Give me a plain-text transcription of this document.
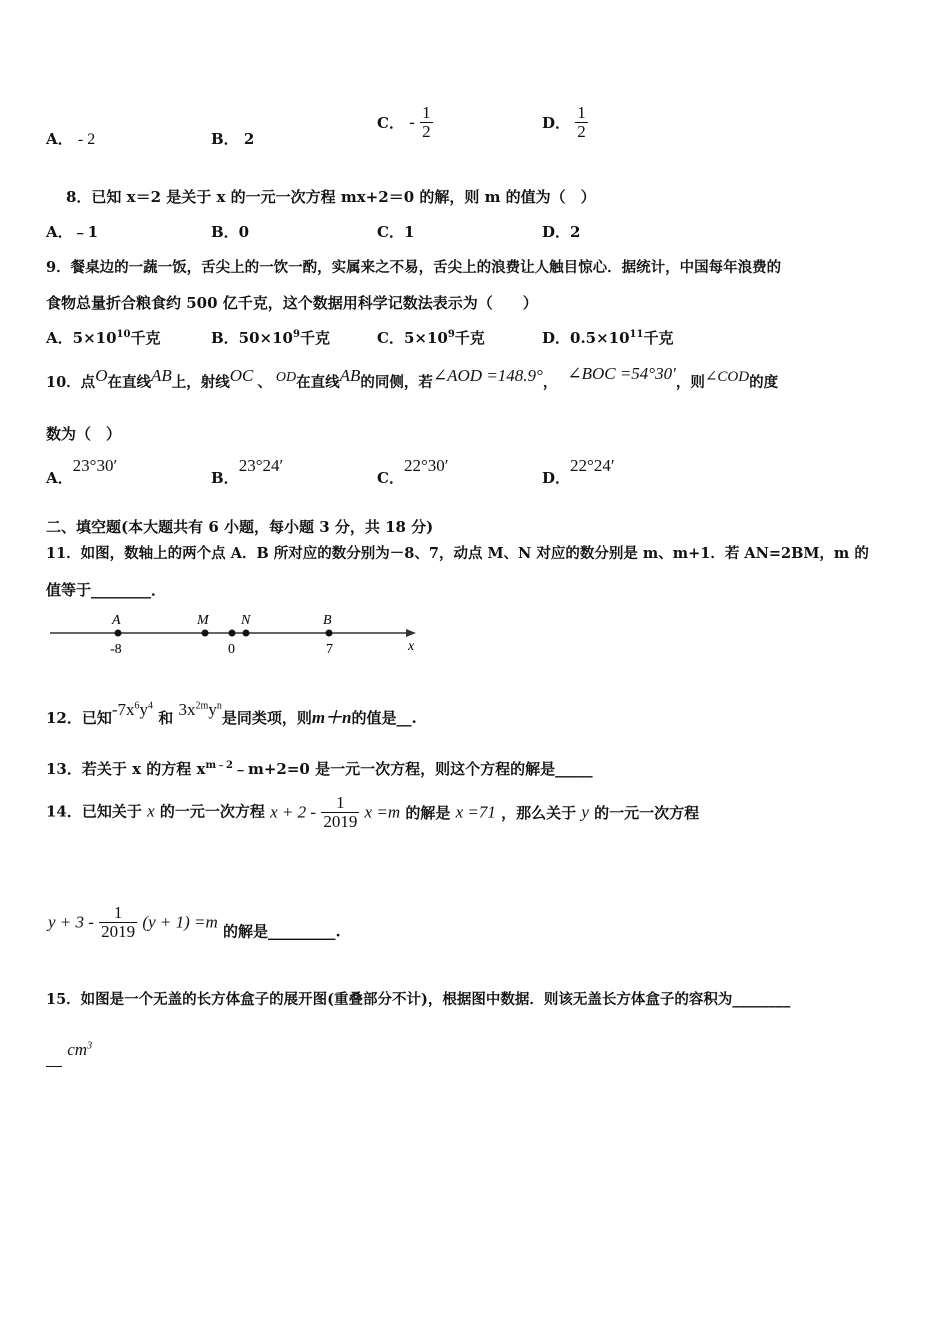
A． - 2	B． 2
C． - $\frac{1}{2}$	D． $\frac{1}{2}$
8．已知 x＝2 是关于 x 的一元一次方程 mx+2＝0 的解，则 m 的值为（　）
A．﹣1	B．0	C．1	D．2
9．餐桌边的一蔬一饭，舌尖上的一饮一酌，实属来之不易，舌尖上的浪费让人触目惊心．据统计，中国每年浪费的
食物总量折合粮食约 500 亿千克，这个数据用科学记数法表示为（　　）
A．$5\times 10^{10}$千克	B．$50\times 10^9$千克	C．$5\times 10^9$千克	D．$0.5\times 10^{11}$千克
10．点O在直线AB上，射线OC 、 OD在直线AB的同侧，若∠AOD =148.9°， ∠BOC =54°30′，则∠COD的度
数为（　）
A．23°30′
B．23°24′
C．22°30′
D．22°24′
二、填空题(本大题共有 6 小题，每小题 3 分，共 18 分)
11．如图，数轴上的两个点 A．B 所对应的数分别为－8、7，动点 M、N 对应的数分别是 m、m+1．若 AN=2BM，m 的
值等于________．
A	M N	B
-8	0	7	x
12．已知$-7x^6y^4$ 和 $3x^{2m}y^n$是同类项，则m＋n的值是__.
13．若关于 x 的方程 $x^{m﹣2}﹣m+2=0$ 是一元一次方程，则这个方程的解是_____
14．已知关于 x 的一元一次方程 $x + 2 - \frac{1}{2019}$ x =m 的解是 x =71 ，那么关于 y 的一元一次方程
$y + 3 - \frac{1}{2019} (y + 1) =m$ 的解是_________.
15．如图是一个无盖的长方体盒子的展开图(重叠部分不计)，根据图中数据．则该无盖长方体盒子的容积为________
$cm^3$
